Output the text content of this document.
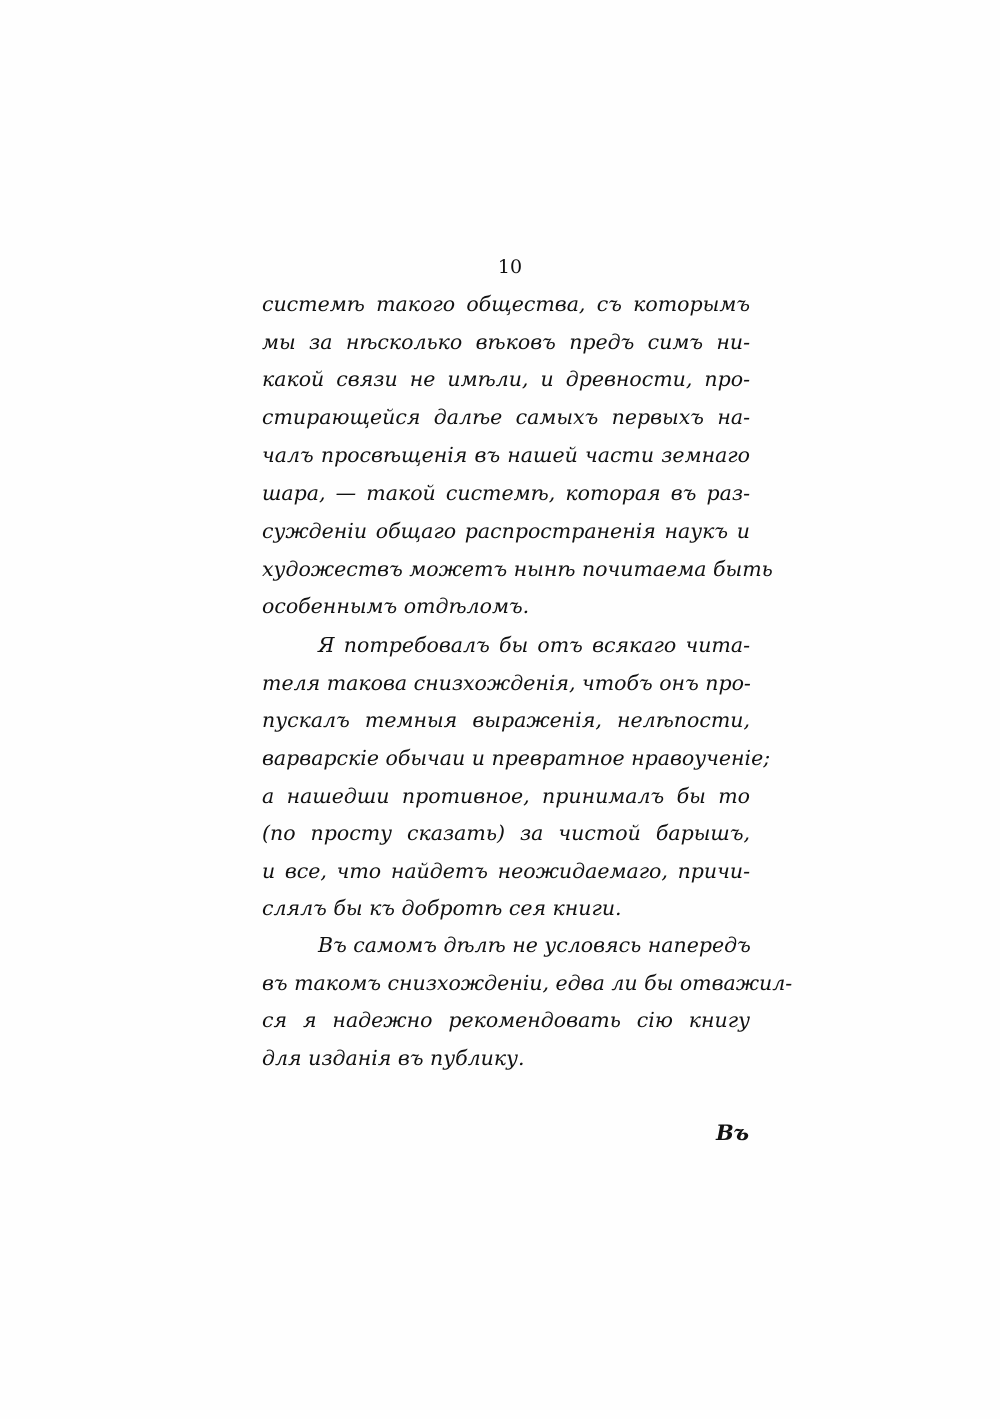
10
системѣ такого общества, съ которымъ
мы за нѣсколько вѣковъ предъ симъ ни-
какой связи не имѣли, и древности, про-
стирающейся далѣе самыхъ первыхъ на-
чалъ просвѣщенія въ нашей части земнаго
шара, — такой системѣ, которая въ раз-
сужденіи общаго распространенія наукъ и
художествъ можетъ нынѣ почитаема быть
особеннымъ отдѣломъ.
Я потребовалъ бы отъ всякаго чита-
теля такова снизхожденія, чтобъ онъ про-
пускалъ темныя выраженія, нелѣпости,
варварскіе обычаи и превратное нравоученіе;
а нашедши противное, принималъ бы то
(по просту сказать) за чистой барышъ,
и все, что найдетъ неожидаемаго, причи-
слялъ бы къ добротѣ сея книги.
Въ самомъ дѣлѣ не условясь напередъ
въ такомъ снизхожденіи, едва ли бы отважил-
ся я надежно рекомендовать сію книгу
для изданія въ публику.
Въ
